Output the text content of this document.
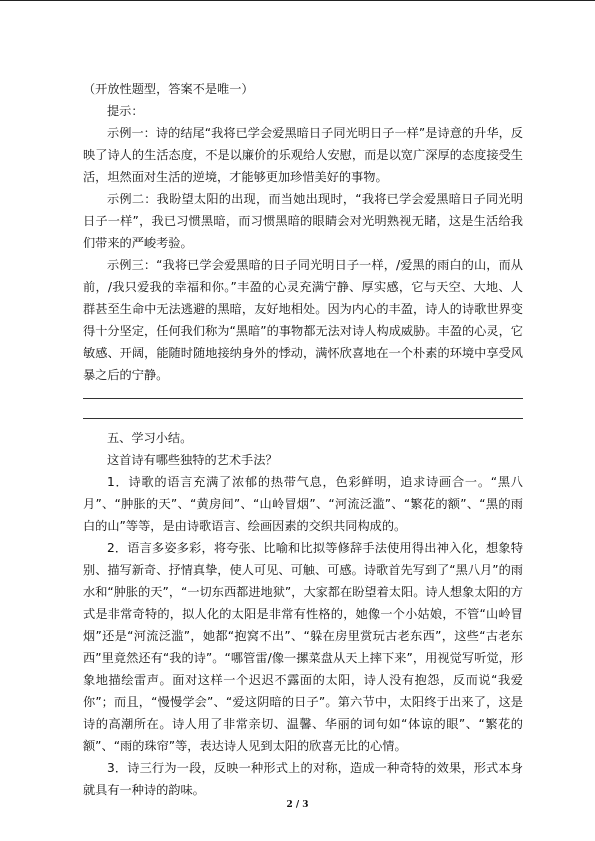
（开放性题型，答案不是唯一）

提示：

示例一：诗的结尾“我将已学会爱黑暗日子同光明日子一样”是诗意的升华，反映了诗人的生活态度，不是以廉价的乐观给人安慰，而是以宽广深厚的态度接受生活，坦然面对生活的逆境，才能够更加珍惜美好的事物。

示例二：我盼望太阳的出现，而当她出现时，“我将已学会爱黑暗日子同光明日子一样”，我已习惯黑暗，而习惯黑暗的眼睛会对光明熟视无睹，这是生活给我们带来的严峻考验。

示例三：“我将已学会爱黑暗的日子同光明日子一样，/爱黑的雨白的山，而从前，/我只爱我的幸福和你。”丰盈的心灵充满宁静、厚实感，它与天空、大地、人群甚至生命中无法逃避的黑暗，友好地相处。因为内心的丰盈，诗人的诗歌世界变得十分坚定，任何我们称为“黑暗”的事物都无法对诗人构成威胁。丰盈的心灵，它敏感、开阔，能随时随地接纳身外的悸动，满怀欣喜地在一个朴素的环境中享受风暴之后的宁静。

五、学习小结。

这首诗有哪些独特的艺术手法？

1．诗歌的语言充满了浓郁的热带气息，色彩鲜明，追求诗画合一。“黑八月”、“肿胀的天”、“黄房间”、“山岭冒烟”、“河流泛滥”、“繁花的额”、“黑的雨白的山”等等，是由诗歌语言、绘画因素的交织共同构成的。

2．语言多姿多彩，将夸张、比喻和比拟等修辞手法使用得出神入化，想象特别、描写新奇、抒情真挚，使人可见、可触、可感。诗歌首先写到了“黑八月”的雨水和“肿胀的天”，“一切东西都进地狱”，大家都在盼望着太阳。诗人想象太阳的方式是非常奇特的，拟人化的太阳是非常有性格的，她像一个小姑娘，不管“山岭冒烟”还是“河流泛滥”，她都“抱窝不出”、“躲在房里赏玩古老东西”，这些“古老东西”里竟然还有“我的诗”。“哪管雷/像一摞菜盘从天上摔下来”，用视觉写听觉，形象地描绘雷声。面对这样一个迟迟不露面的太阳，诗人没有抱怨，反而说“我爱你”；而且，“慢慢学会”、“爱这阴暗的日子”。第六节中，太阳终于出来了，这是诗的高潮所在。诗人用了非常亲切、温馨、华丽的词句如“体谅的眼”、“繁花的额”、“雨的珠帘”等，表达诗人见到太阳的欣喜无比的心情。

3．诗三行为一段，反映一种形式上的对称，造成一种奇特的效果，形式本身就具有一种诗的韵味。

2 / 3
